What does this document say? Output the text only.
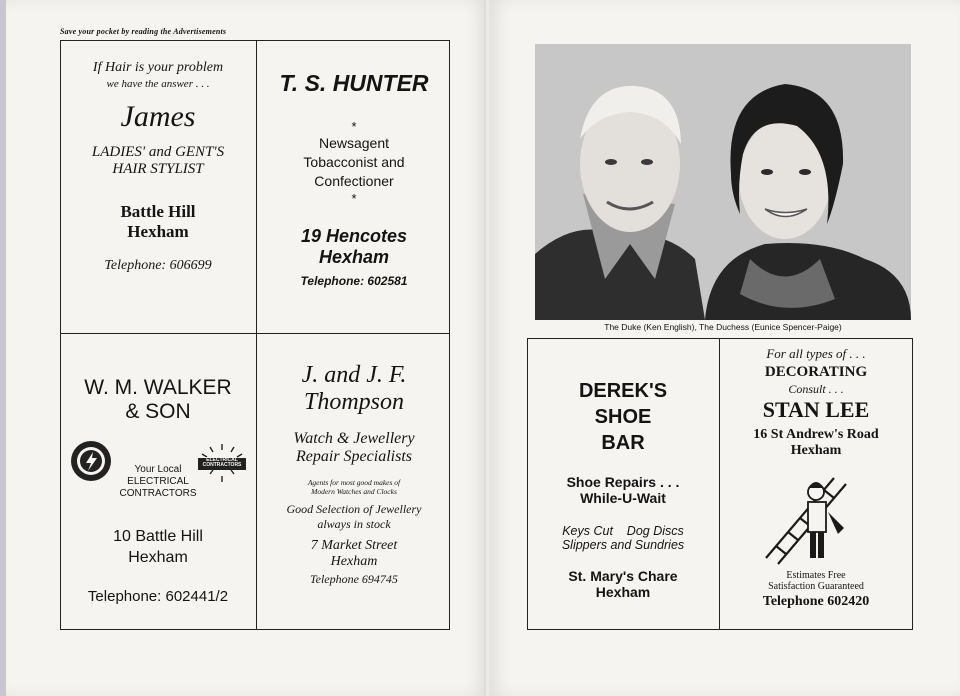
Save your pocket by reading the Advertisements
If Hair is your problem
we have the answer . . .
James
LADIES' and GENT'S
HAIR STYLIST
Battle Hill
Hexham
Telephone: 606699
T. S. HUNTER
*
Newsagent
Tobacconist and
Confectioner
*
19 Hencotes
Hexham
Telephone: 602581
W. M. WALKER
& SON
Your Local
ELECTRICAL
CONTRACTORS
ELECTRICAL CONTRACTORS
10 Battle Hill
Hexham
Telephone: 602441/2
J. and J. F.
Thompson
Watch & Jewellery
Repair Specialists
Agents for most good makes of
Modern Watches and Clocks
Good Selection of Jewellery
always in stock
7 Market Street
Hexham
Telephone 694745
The Duke (Ken English), The Duchess (Eunice Spencer-Paige)
DEREK'S
SHOE
BAR
Shoe Repairs . . .
While-U-Wait
Keys Cut    Dog Discs
Slippers and Sundries
St. Mary's Chare
Hexham
For all types of . . .
DECORATING
Consult . . .
STAN LEE
16 St Andrew's Road
Hexham
Estimates Free
Satisfaction Guaranteed
Telephone 602420
